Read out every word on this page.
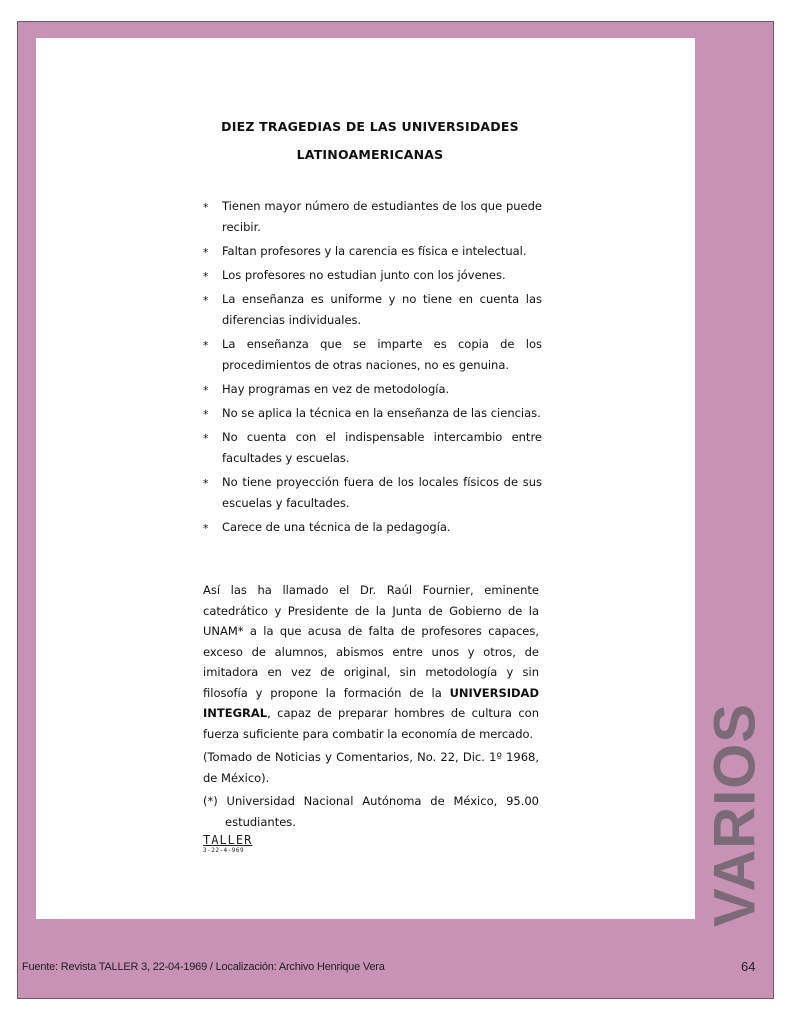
DIEZ TRAGEDIAS DE LAS UNIVERSIDADES
LATINOAMERICANAS
* Tienen mayor número de estudiantes de los que puede recibir.
* Faltan profesores y la carencia es física e intelectual.
* Los profesores no estudian junto con los jóvenes.
* La enseñanza es uniforme y no tiene en cuenta las diferencias individuales.
* La enseñanza que se imparte es copia de los procedimientos de otras naciones, no es genuina.
* Hay programas en vez de metodología.
* No se aplica la técnica en la enseñanza de las ciencias.
* No cuenta con el indispensable intercambio entre facultades y escuelas.
* No tiene proyección fuera de los locales físicos de sus escuelas y facultades.
* Carece de una técnica de la pedagogía.

Así las ha llamado el Dr. Raúl Fournier, eminente catedrático y Presidente de la Junta de Gobierno de la UNAM* a la que acusa de falta de profesores capaces, exceso de alumnos, abismos entre unos y otros, de imitadora en vez de original, sin metodología y sin filosofía y propone la formación de la UNIVERSIDAD INTEGRAL, capaz de preparar hombres de cultura con fuerza suficiente para combatir la economía de mercado.

(Tomado de Noticias y Comentarios, No. 22, Dic. 1º 1968, de México).

(*) Universidad Nacional Autónoma de México, 95.00 estudiantes.

TALLER
3-22-4-969	VARIOS
Fuente: Revista TALLER 3, 22-04-1969 / Localización: Archivo Henrique Vera	64
